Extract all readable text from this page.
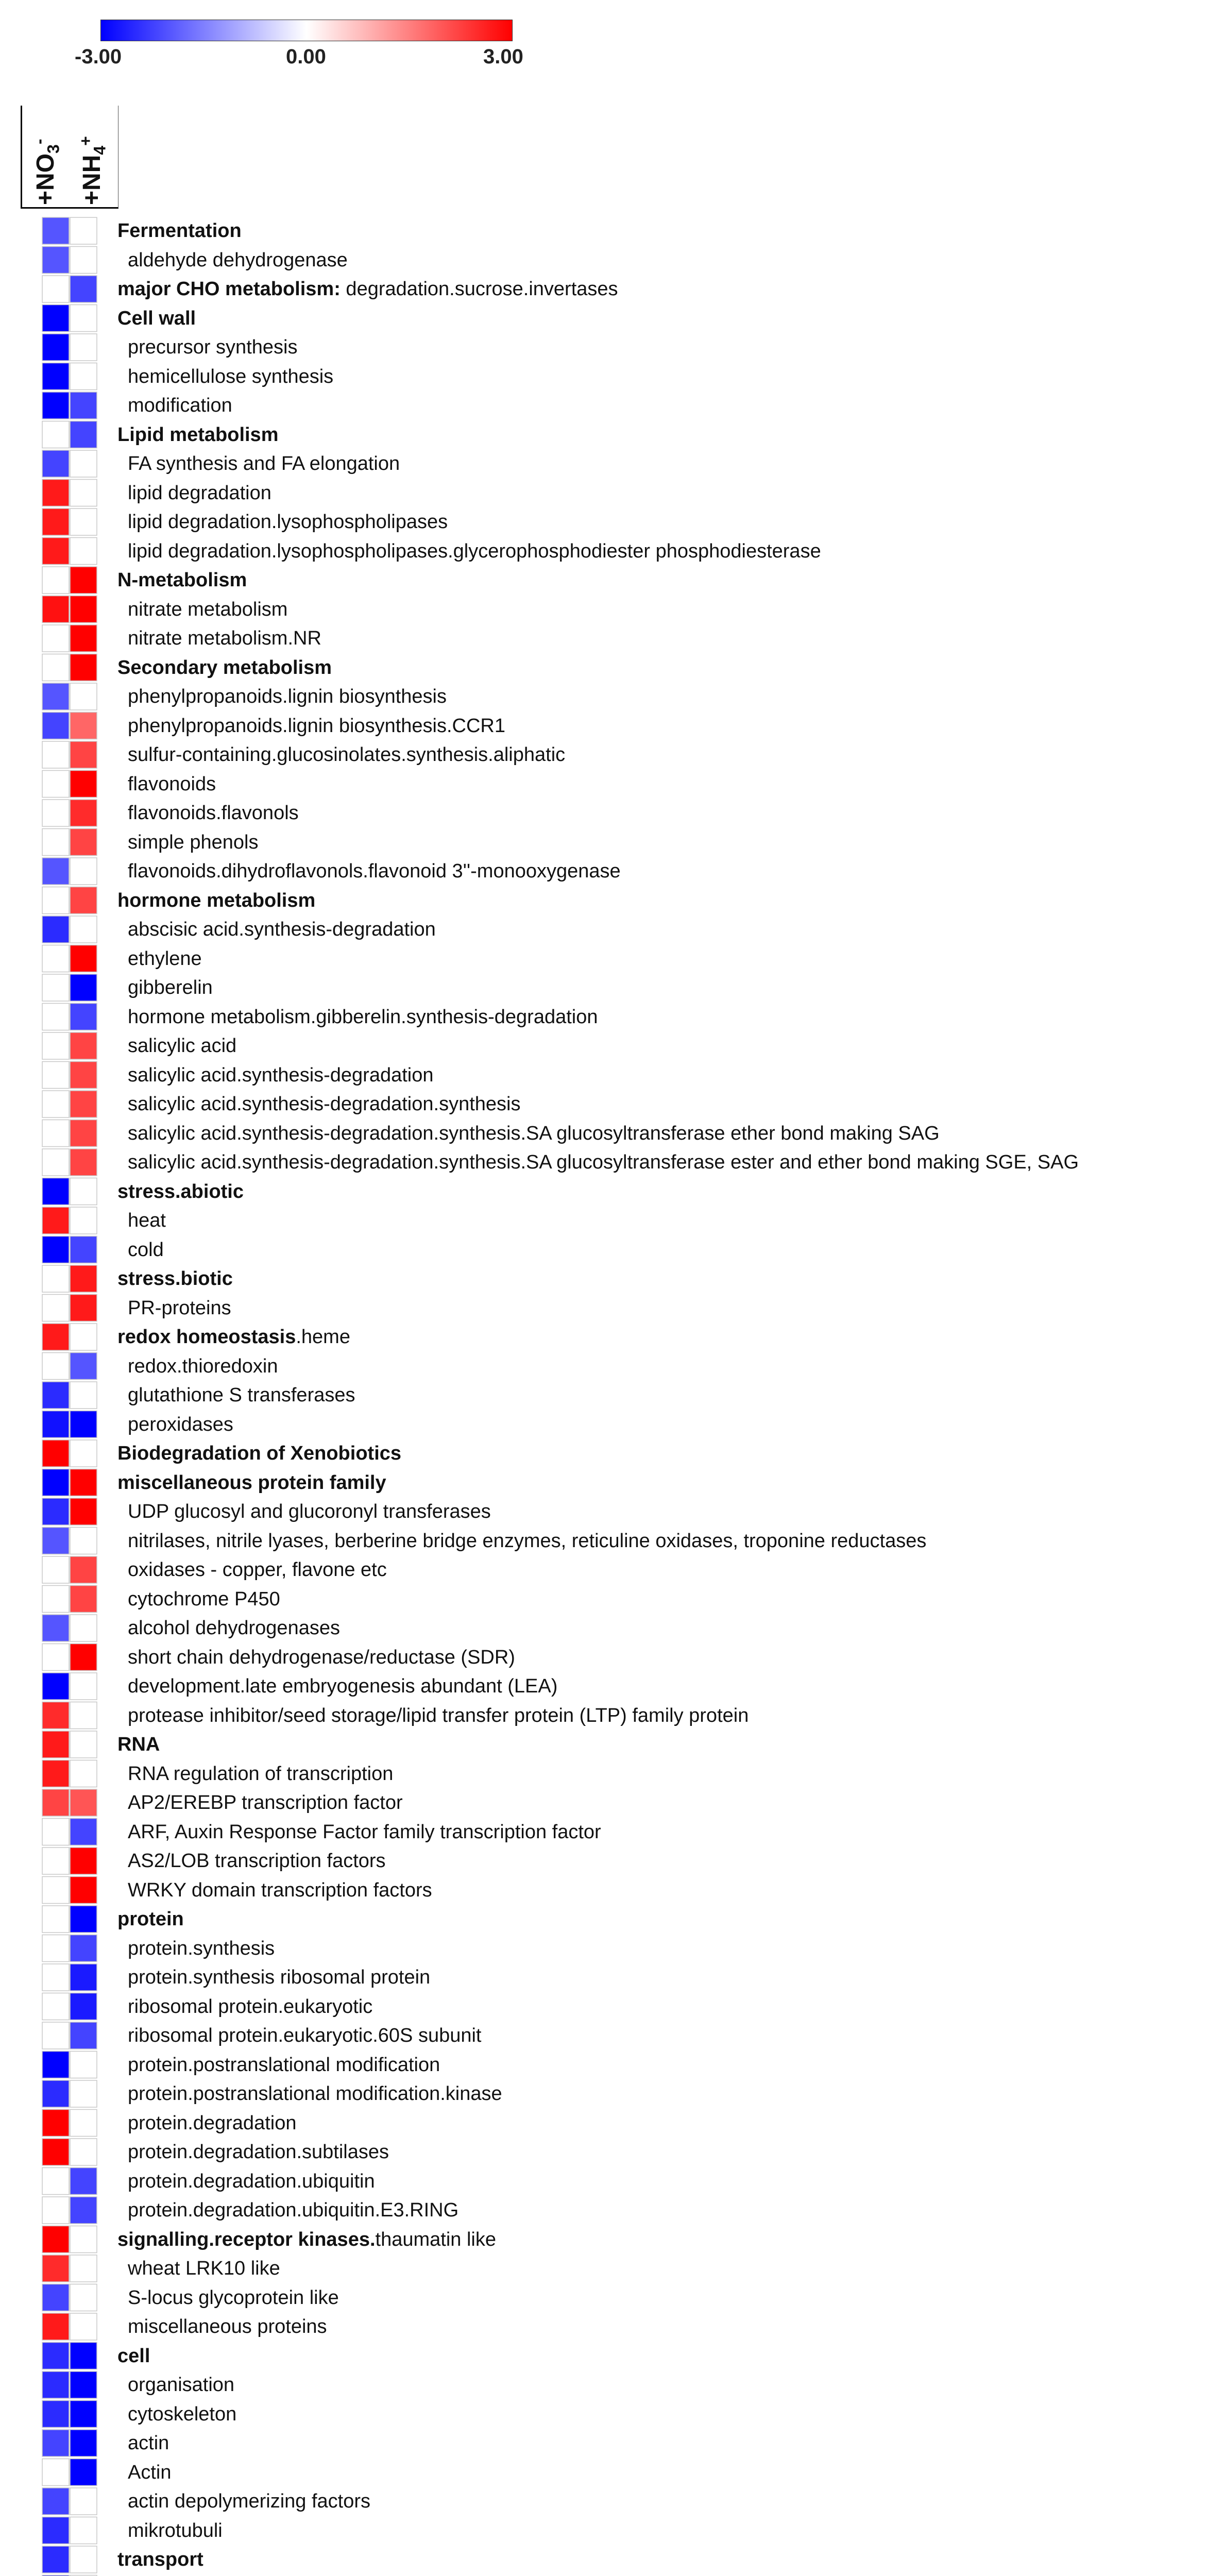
-3.00	0.00	3.00
$+NO_3^-$
$+NH_4^+$
Fermentation
aldehyde dehydrogenase
major CHO metabolism: degradation.sucrose.invertases
Cell wall
precursor synthesis
hemicellulose synthesis
modification
Lipid metabolism
FA synthesis and FA elongation
lipid degradation
lipid degradation.lysophospholipases
lipid degradation.lysophospholipases.glycerophosphodiester phosphodiesterase
N-metabolism
nitrate metabolism
nitrate metabolism.NR
Secondary metabolism
phenylpropanoids.lignin biosynthesis
phenylpropanoids.lignin biosynthesis.CCR1
sulfur-containing.glucosinolates.synthesis.aliphatic
flavonoids
flavonoids.flavonols
simple phenols
flavonoids.dihydroflavonols.flavonoid 3''-monooxygenase
hormone metabolism
abscisic acid.synthesis-degradation
ethylene
gibberelin
hormone metabolism.gibberelin.synthesis-degradation
salicylic acid
salicylic acid.synthesis-degradation
salicylic acid.synthesis-degradation.synthesis
salicylic acid.synthesis-degradation.synthesis.SA glucosyltransferase ether bond making SAG
salicylic acid.synthesis-degradation.synthesis.SA glucosyltransferase ester and ether bond making SGE, SAG
stress.abiotic
heat
cold
stress.biotic
PR-proteins
redox homeostasis.heme
redox.thioredoxin
glutathione S transferases
peroxidases
Biodegradation of Xenobiotics
miscellaneous protein family
UDP glucosyl and glucoronyl transferases
nitrilases, nitrile lyases, berberine bridge enzymes, reticuline oxidases, troponine reductases
oxidases - copper, flavone etc
cytochrome P450
alcohol dehydrogenases
short chain dehydrogenase/reductase (SDR)
development.late embryogenesis abundant (LEA)
protease inhibitor/seed storage/lipid transfer protein (LTP) family protein
RNA
RNA regulation of transcription
AP2/EREBP transcription factor
ARF, Auxin Response Factor family transcription factor
AS2/LOB transcription factors
WRKY domain transcription factors
protein
protein.synthesis
protein.synthesis ribosomal protein
ribosomal protein.eukaryotic
ribosomal protein.eukaryotic.60S subunit
protein.postranslational modification
protein.postranslational modification.kinase
protein.degradation
protein.degradation.subtilases
protein.degradation.ubiquitin
protein.degradation.ubiquitin.E3.RING
signalling.receptor kinases.thaumatin like
wheat LRK10 like
S-locus glycoprotein like
miscellaneous proteins
cell
organisation
cytoskeleton
actin
Actin
actin depolymerizing factors
mikrotubuli
transport
